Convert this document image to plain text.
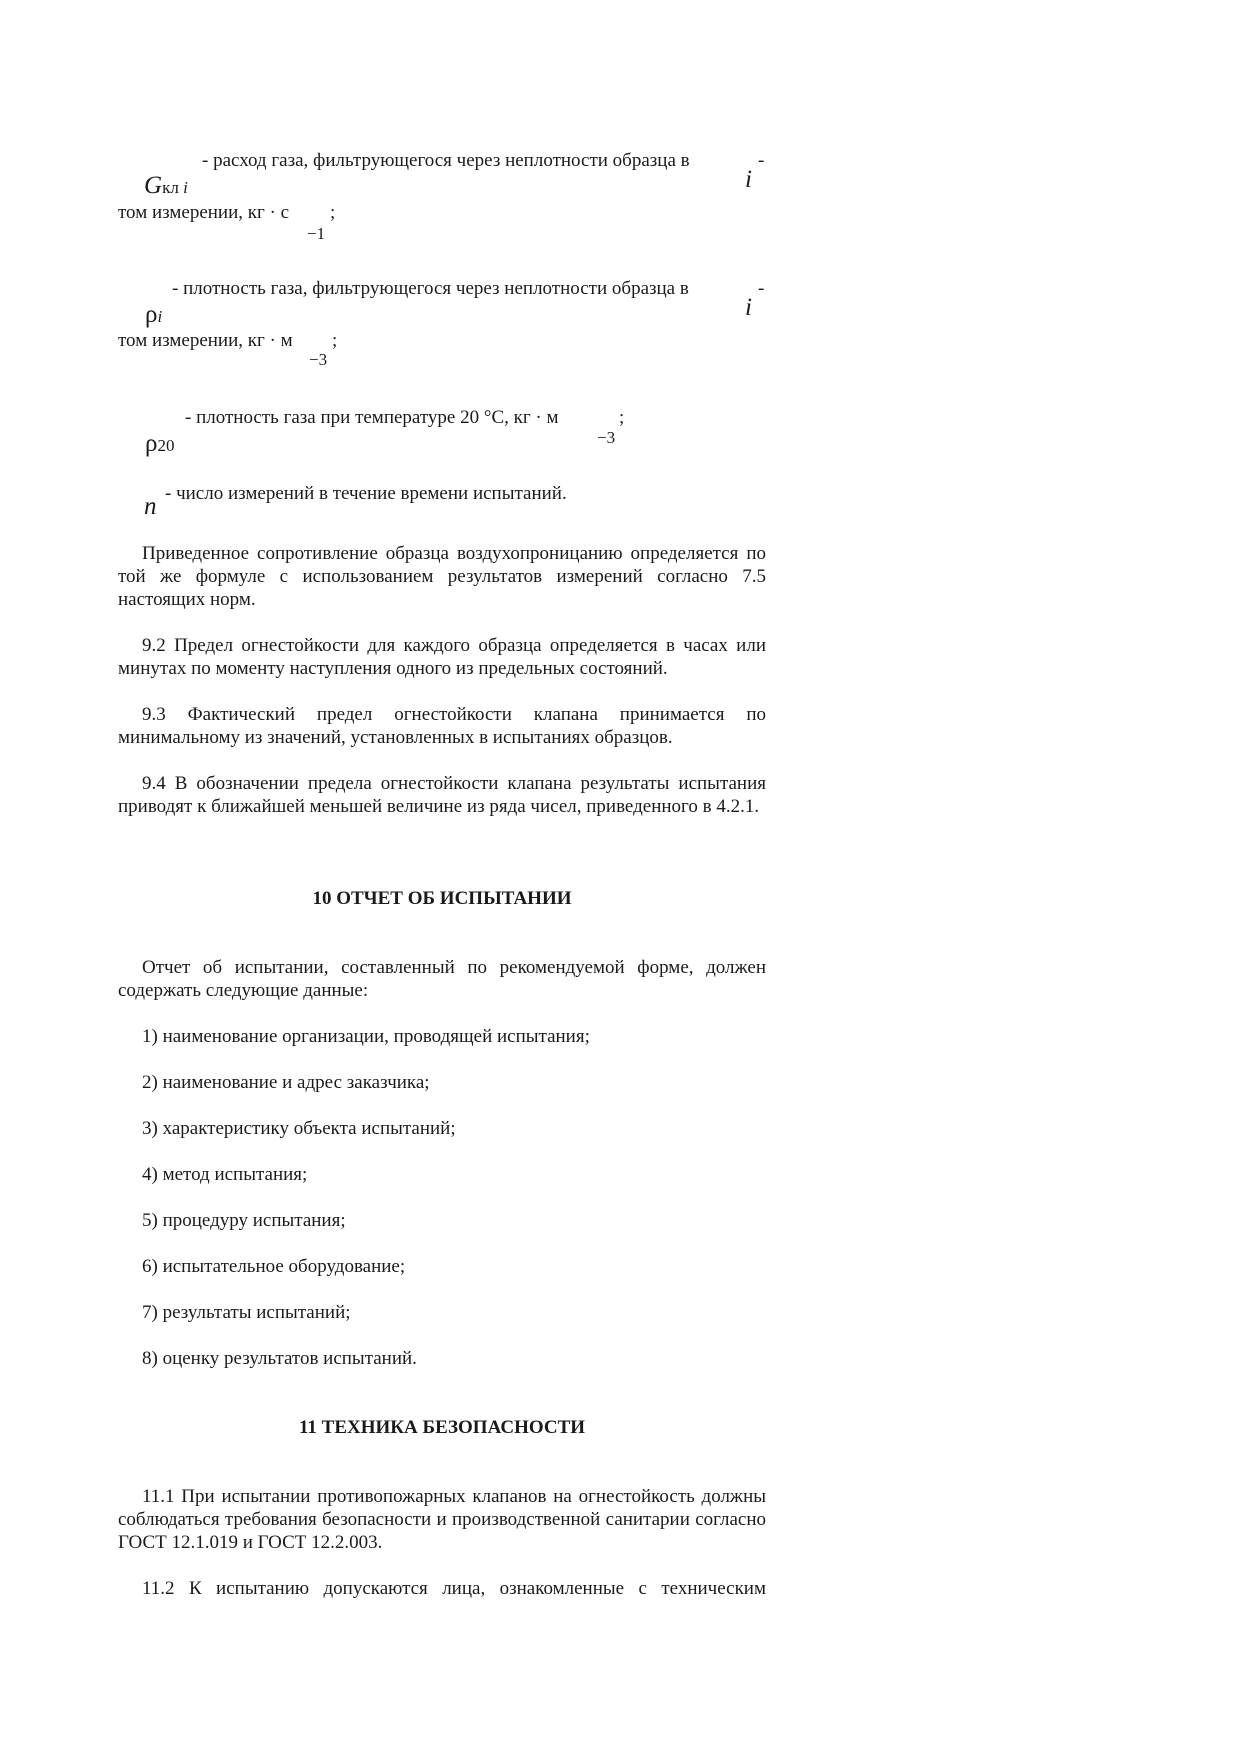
Gкл i
- расход газа, фильтрующегося через неплотности образца в
i
-
том измерении, кг · с
−1
;
ρi
- плотность газа, фильтрующегося через неплотности образца в
i
-
том измерении, кг · м
−3
;
ρ20
- плотность газа при температуре 20 °С, кг · м
−3
;
n - число измерений в течение времени испытаний.
Приведенное сопротивление образца воздухопроницанию определяется по той же формуле с использованием результатов измерений согласно 7.5 настоящих норм.
9.2 Предел огнестойкости для каждого образца определяется в часах или минутах по моменту наступления одного из предельных состояний.
9.3 Фактический предел огнестойкости клапана принимается по минимальному из значений, установленных в испытаниях образцов.
9.4 В обозначении предела огнестойкости клапана результаты испытания приводят к ближайшей меньшей величине из ряда чисел, приведенного в 4.2.1.
10 ОТЧЕТ ОБ ИСПЫТАНИИ
Отчет об испытании, составленный по рекомендуемой форме, должен содержать следующие данные:
1) наименование организации, проводящей испытания;
2) наименование и адрес заказчика;
3) характеристику объекта испытаний;
4) метод испытания;
5) процедуру испытания;
6) испытательное оборудование;
7) результаты испытаний;
8) оценку результатов испытаний.
11 ТЕХНИКА БЕЗОПАСНОСТИ
11.1 При испытании противопожарных клапанов на огнестойкость должны соблюдаться требования безопасности и производственной санитарии согласно ГОСТ 12.1.019 и ГОСТ 12.2.003.
11.2 К испытанию допускаются лица, ознакомленные с техническим
